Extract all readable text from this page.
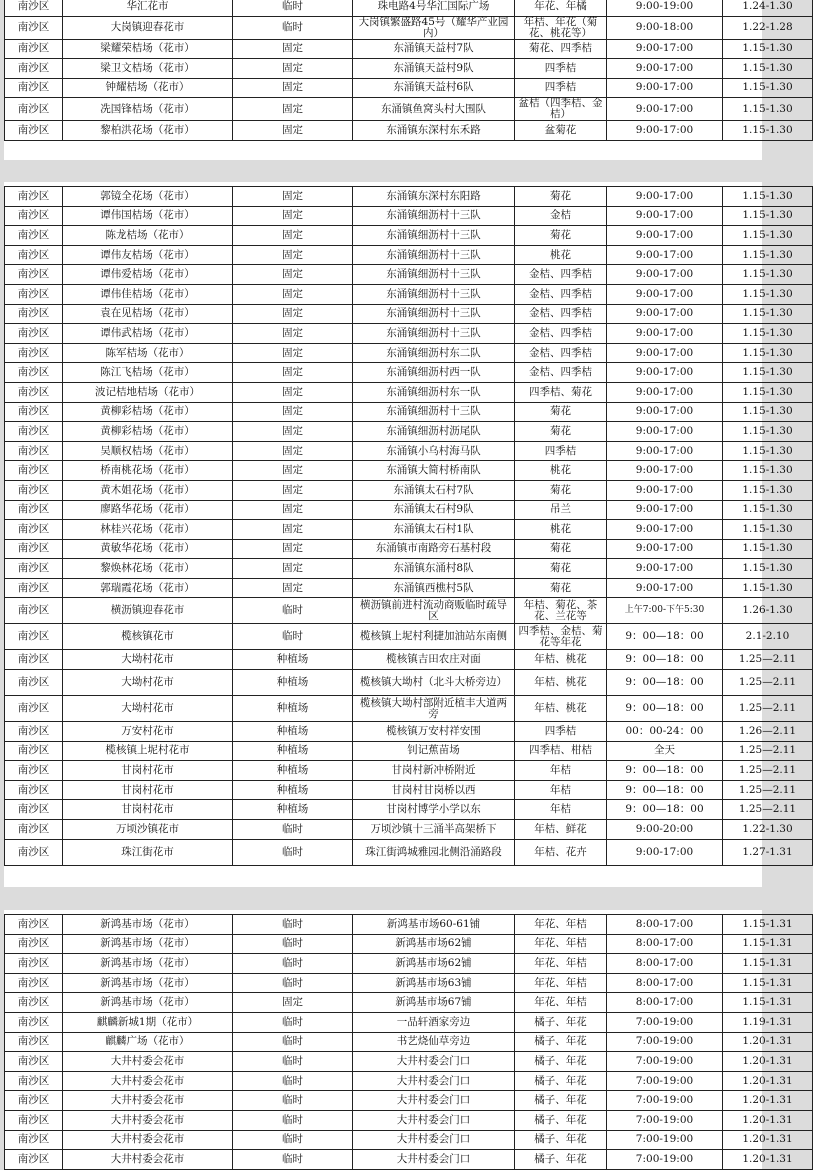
南沙区	华汇花市	临时	珠电路4号华汇国际广场	年花、年橘	9:00-19:00	1.24-1.30
南沙区	大岗镇迎春花市	临时	大岗镇繁盛路45号（耀华产业园内）	年桔、年花（菊花、桃花等）	9:00-18:00	1.22-1.28
南沙区	梁耀荣桔场（花市）	固定	东涌镇天益村7队	菊花、四季桔	9:00-17:00	1.15-1.30
南沙区	梁卫文桔场（花市）	固定	东涌镇天益村9队	四季桔	9:00-17:00	1.15-1.30
南沙区	钟耀桔场（花市）	固定	东涌镇天益村6队	四季桔	9:00-17:00	1.15-1.30
南沙区	冼国锋桔场（花市）	固定	东涌镇鱼窝头村大围队	盆桔（四季桔、金桔）	9:00-17:00	1.15-1.30
南沙区	黎柏洪花场（花市）	固定	东涌镇东深村东禾路	盆菊花	9:00-17:00	1.15-1.30
南沙区	郭镜全花场（花市）	固定	东涌镇东深村东阳路	菊花	9:00-17:00	1.15-1.30
南沙区	谭伟国桔场（花市）	固定	东涌镇细沥村十三队	金桔	9:00-17:00	1.15-1.30
南沙区	陈龙桔场（花市）	固定	东涌镇细沥村十三队	菊花	9:00-17:00	1.15-1.30
南沙区	谭伟友桔场（花市）	固定	东涌镇细沥村十三队	桃花	9:00-17:00	1.15-1.30
南沙区	谭伟爱桔场（花市）	固定	东涌镇细沥村十三队	金桔、四季桔	9:00-17:00	1.15-1.30
南沙区	谭伟佳桔场（花市）	固定	东涌镇细沥村十三队	金桔、四季桔	9:00-17:00	1.15-1.30
南沙区	袁在见桔场（花市）	固定	东涌镇细沥村十三队	金桔、四季桔	9:00-17:00	1.15-1.30
南沙区	谭伟武桔场（花市）	固定	东涌镇细沥村十三队	金桔、四季桔	9:00-17:00	1.15-1.30
南沙区	陈军桔场（花市）	固定	东涌镇细沥村东二队	金桔、四季桔	9:00-17:00	1.15-1.30
南沙区	陈江飞桔场（花市）	固定	东涌镇细沥村西一队	金桔、四季桔	9:00-17:00	1.15-1.30
南沙区	波记桔地桔场（花市）	固定	东涌镇细沥村东一队	四季桔、菊花	9:00-17:00	1.15-1.30
南沙区	黄柳彩桔场（花市）	固定	东涌镇细沥村十三队	菊花	9:00-17:00	1.15-1.30
南沙区	黄柳彩桔场（花市）	固定	东涌镇细沥村沥尾队	菊花	9:00-17:00	1.15-1.30
南沙区	吴顺权桔场（花市）	固定	东涌镇小乌村海马队	四季桔	9:00-17:00	1.15-1.30
南沙区	桥南桃花场（花市）	固定	东涌镇大简村桥南队	桃花	9:00-17:00	1.15-1.30
南沙区	黄木姐花场（花市）	固定	东涌镇太石村7队	菊花	9:00-17:00	1.15-1.30
南沙区	廖路华花场（花市）	固定	东涌镇太石村9队	吊兰	9:00-17:00	1.15-1.30
南沙区	林桂兴花场（花市）	固定	东涌镇太石村1队	桃花	9:00-17:00	1.15-1.30
南沙区	黄敏华花场（花市）	固定	东涌镇市南路旁石基村段	菊花	9:00-17:00	1.15-1.30
南沙区	黎焕林花场（花市）	固定	东涌镇东涌村8队	菊花	9:00-17:00	1.15-1.30
南沙区	郭瑞霞花场（花市）	固定	东涌镇西樵村5队	菊花	9:00-17:00	1.15-1.30
南沙区	横沥镇迎春花市	临时	横沥镇前进村流动商贩临时疏导区	年桔、菊花、茶花、兰花等	上午7:00-下午5:30	1.26-1.30
南沙区	榄核镇花市	临时	榄核镇上坭村利捷加油站东南侧	四季桔、金桔、菊花等年花	9：00—18：00	2.1-2.10
南沙区	大坳村花市	种植场	榄核镇吉田农庄对面	年桔、桃花	9：00—18：00	1.25—2.11
南沙区	大坳村花市	种植场	榄核镇大坳村（北斗大桥旁边）	年桔、桃花	9：00—18：00	1.25—2.11
南沙区	大坳村花市	种植场	榄核镇大坳村部附近植丰大道两旁	年桔、桃花	9：00—18：00	1.25—2.11
南沙区	万安村花市	种植场	榄核镇万安村祥安围	四季桔	00：00-24：00	1.26—2.11
南沙区	榄核镇上坭村花市	种植场	钊记蕉苗场	四季桔、柑桔	全天	1.25—2.11
南沙区	甘岗村花市	种植场	甘岗村新冲桥附近	年桔	9：00—18：00	1.25—2.11
南沙区	甘岗村花市	种植场	甘岗村甘岗桥以西	年桔	9：00—18：00	1.25—2.11
南沙区	甘岗村花市	种植场	甘岗村博学小学以东	年桔	9：00—18：00	1.25—2.11
南沙区	万顷沙镇花市	临时	万顷沙镇十三涌半高架桥下	年桔、鲜花	9:00-20:00	1.22-1.30
南沙区	珠江街花市	临时	珠江街鸿城雅园北侧沿涌路段	年桔、花卉	9:00-17:00	1.27-1.31
南沙区	新鸿基市场（花市）	临时	新鸿基市场60-61铺	年花、年桔	8:00-17:00	1.15-1.31
南沙区	新鸿基市场（花市）	临时	新鸿基市场62铺	年花、年桔	8:00-17:00	1.15-1.31
南沙区	新鸿基市场（花市）	临时	新鸿基市场62铺	年花、年桔	8:00-17:00	1.15-1.31
南沙区	新鸿基市场（花市）	临时	新鸿基市场63铺	年花、年桔	8:00-17:00	1.15-1.31
南沙区	新鸿基市场（花市）	固定	新鸿基市场67铺	年花、年桔	8:00-17:00	1.15-1.31
南沙区	麒麟新城1期（花市）	临时	一品轩酒家旁边	橘子、年花	7:00-19:00	1.19-1.31
南沙区	麒麟广场（花市）	临时	书艺烧仙草旁边	橘子、年花	7:00-19:00	1.20-1.31
南沙区	大井村委会花市	临时	大井村委会门口	橘子、年花	7:00-19:00	1.20-1.31
南沙区	大井村委会花市	临时	大井村委会门口	橘子、年花	7:00-19:00	1.20-1.31
南沙区	大井村委会花市	临时	大井村委会门口	橘子、年花	7:00-19:00	1.20-1.31
南沙区	大井村委会花市	临时	大井村委会门口	橘子、年花	7:00-19:00	1.20-1.31
南沙区	大井村委会花市	临时	大井村委会门口	橘子、年花	7:00-19:00	1.20-1.31
南沙区	大井村委会花市	临时	大井村委会门口	橘子、年花	7:00-19:00	1.20-1.31
